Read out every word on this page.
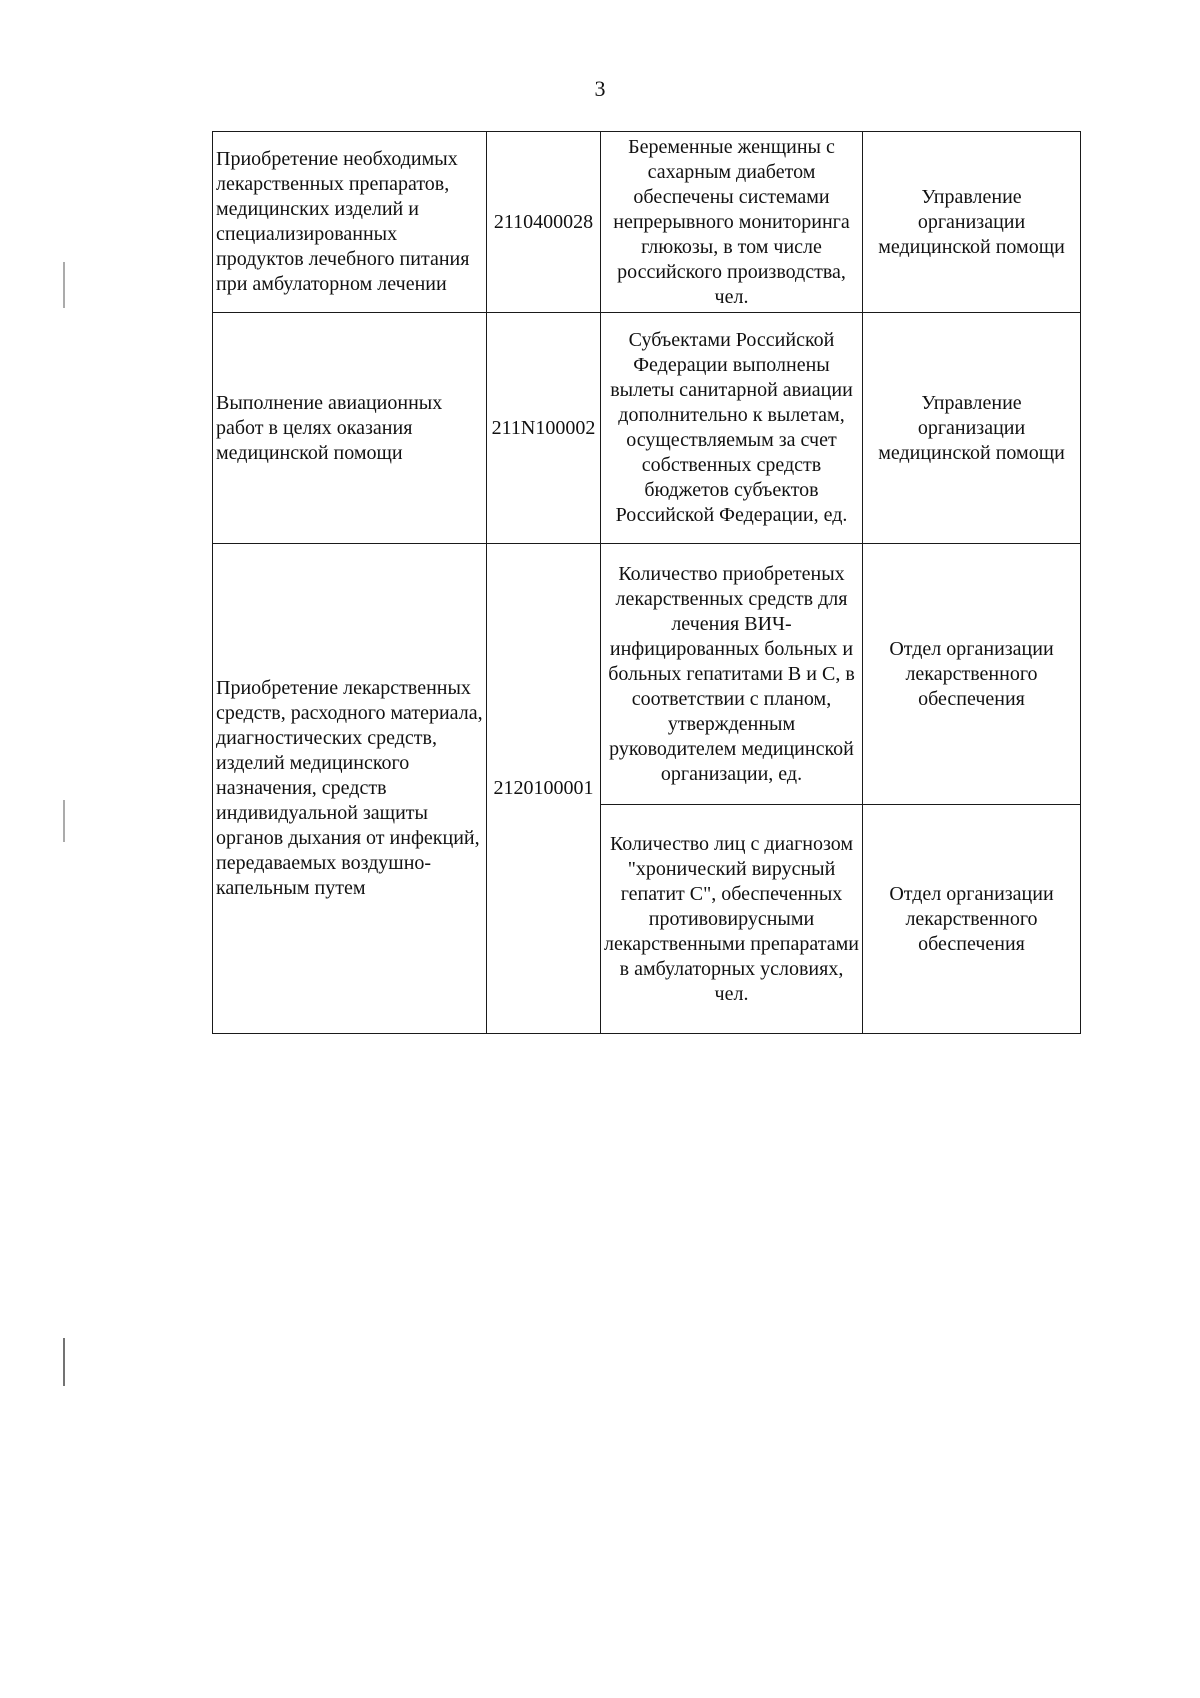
3
Приобретение необходимых лекарственных препаратов, медицинских изделий и специализированных продуктов лечебного питания при амбулаторном лечении	2110400028	Беременные женщины с сахарным диабетом обеспечены системами непрерывного мониторинга глюкозы, в том числе российского производства, чел.	Управление организации медицинской помощи
Выполнение авиационных работ в целях оказания медицинской помощи	211N100002	Субъектами Российской Федерации выполнены вылеты санитарной авиации дополнительно к вылетам, осуществляемым за счет собственных средств бюджетов субъектов Российской Федерации, ед.	Управление организации медицинской помощи
Приобретение лекарственных средств, расходного материала, диагностических средств, изделий медицинского назначения, средств индивидуальной защиты органов дыхания от инфекций, передаваемых воздушно-капельным путем	2120100001	Количество приобретеных лекарственных средств для лечения ВИЧ-инфицированных больных и больных гепатитами В и С, в соответствии с планом, утвержденным руководителем медицинской организации, ед.	Отдел организации лекарственного обеспечения
		Количество лиц с диагнозом "хронический вирусный гепатит С", обеспеченных противовирусными лекарственными препаратами в амбулаторных условиях, чел.	Отдел организации лекарственного обеспечения
